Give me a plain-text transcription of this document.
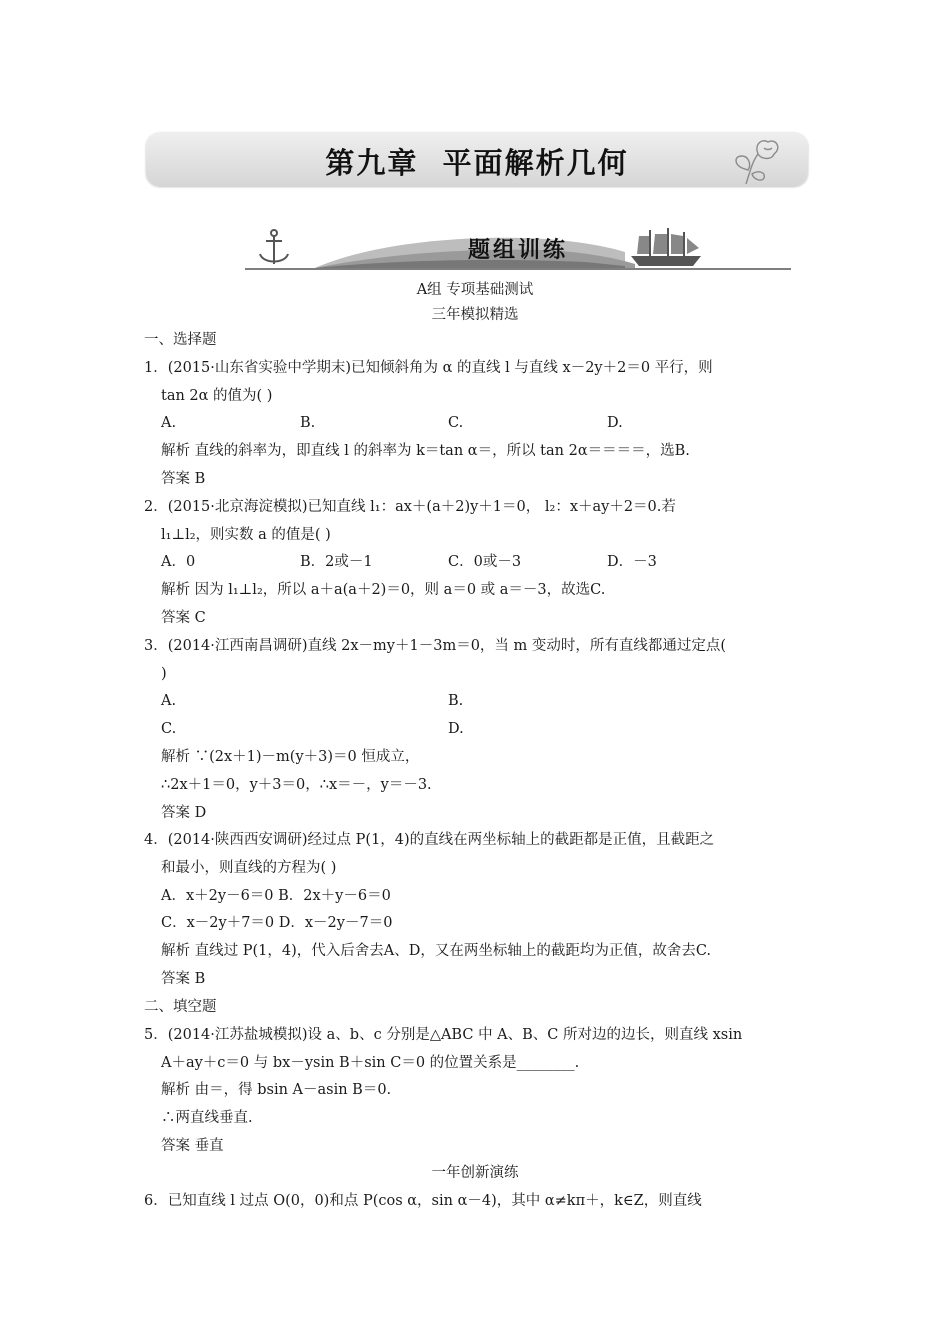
第九章  平面解析几何
题组训练
A组 专项基础测试
三年模拟精选
一、选择题
1．(2015·山东省实验中学期末)已知倾斜角为 α 的直线 l 与直线 x－2y＋2＝0 平行，则
tan 2α 的值为( )
A.	B.	C.	D.
解析 直线的斜率为，即直线 l 的斜率为 k＝tan α＝，所以 tan 2α＝＝＝＝，选B.
答案 B
2．(2015·北京海淀模拟)已知直线 l₁：ax＋(a＋2)y＋1＝0， l₂：x＋ay＋2＝0.若
l₁⊥l₂，则实数 a 的值是( )
A．0	B．2或－1	C．0或－3	D．－3
解析 因为 l₁⊥l₂，所以 a＋a(a＋2)＝0，则 a＝0 或 a＝－3，故选C.
答案 C
3．(2014·江西南昌调研)直线 2x－my＋1－3m＝0，当 m 变动时，所有直线都通过定点(
)
A.	B.
C.	D.
解析 ∵(2x＋1)－m(y＋3)＝0 恒成立，
∴2x＋1＝0，y＋3＝0，∴x＝－，y＝－3.
答案 D
4．(2014·陕西西安调研)经过点 P(1，4)的直线在两坐标轴上的截距都是正值，且截距之
和最小，则直线的方程为( )
A．x＋2y－6＝0 B．2x＋y－6＝0
C．x－2y＋7＝0 D．x－2y－7＝0
解析 直线过 P(1，4)，代入后舍去A、D，又在两坐标轴上的截距均为正值，故舍去C.
答案 B
二、填空题
5．(2014·江苏盐城模拟)设 a、b、c 分别是△ABC 中 A、B、C 所对边的边长，则直线 xsin
A＋ay＋c＝0 与 bx－ysin B＋sin C＝0 的位置关系是________.
解析 由＝，得 bsin A－asin B＝0.
∴两直线垂直.
答案 垂直
6．已知直线 l 过点 O(0，0)和点 P(cos α，sin α－4)，其中 α≠kπ＋，k∈Z，则直线
一年创新演练
